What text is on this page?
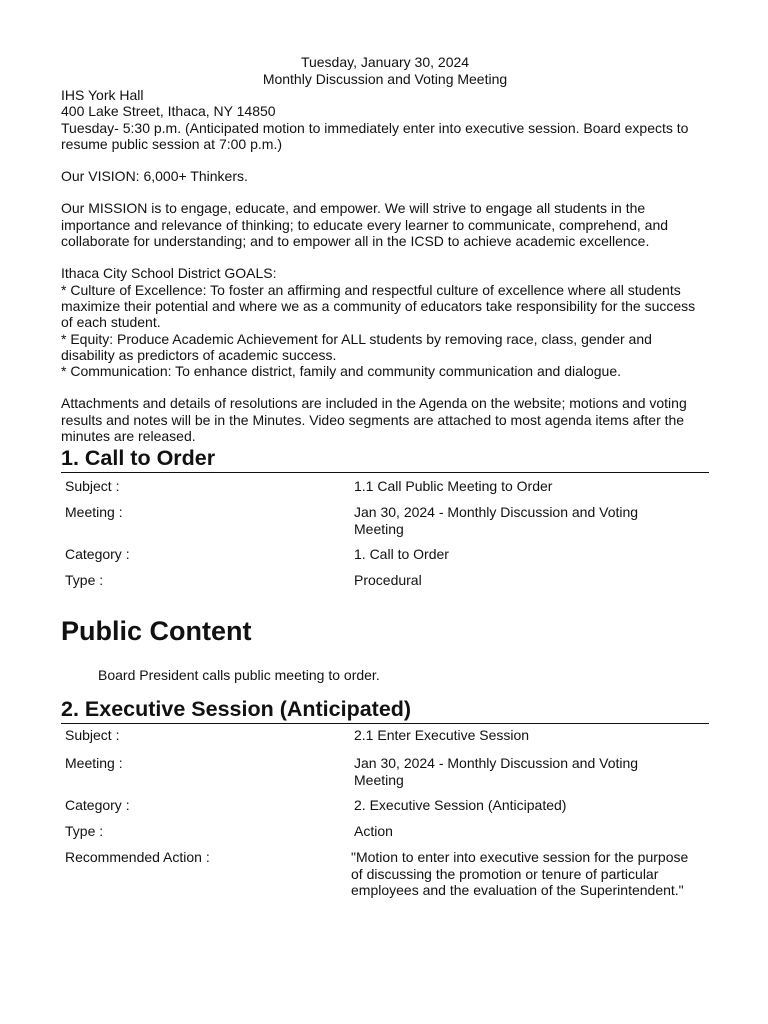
Tuesday, January 30, 2024
Monthly Discussion and Voting Meeting

IHS York Hall

400 Lake Street, Ithaca, NY 14850

Tuesday- 5:30 p.m. (Anticipated motion to immediately enter into executive session. Board expects to resume public session at 7:00 p.m.)

Our VISION: 6,000+ Thinkers.

Our MISSION is to engage, educate, and empower. We will strive to engage all students in the importance and relevance of thinking; to educate every learner to communicate, comprehend, and collaborate for understanding; and to empower all in the ICSD to achieve academic excellence.

Ithaca City School District GOALS:

* Culture of Excellence: To foster an affirming and respectful culture of excellence where all students maximize their potential and where we as a community of educators take responsibility for the success of each student.

* Equity: Produce Academic Achievement for ALL students by removing race, class, gender and disability as predictors of academic success.

* Communication: To enhance district, family and community communication and dialogue.

Attachments and details of resolutions are included in the Agenda on the website; motions and voting results and notes will be in the Minutes. Video segments are attached to most agenda items after the minutes are released.

1. Call to Order
Subject :	1.1 Call Public Meeting to Order

Meeting :	Jan 30, 2024 - Monthly Discussion and Voting Meeting

Category :	1. Call to Order

Type :	Procedural
Public Content

Board President calls public meeting to order.

2. Executive Session (Anticipated)
Subject :	2.1 Enter Executive Session

Meeting :	Jan 30, 2024 - Monthly Discussion and Voting Meeting

Category :	2. Executive Session (Anticipated)

Type :	Action

Recommended Action :	"Motion to enter into executive session for the purpose of discussing the promotion or tenure of particular employees and the evaluation of the Superintendent."
